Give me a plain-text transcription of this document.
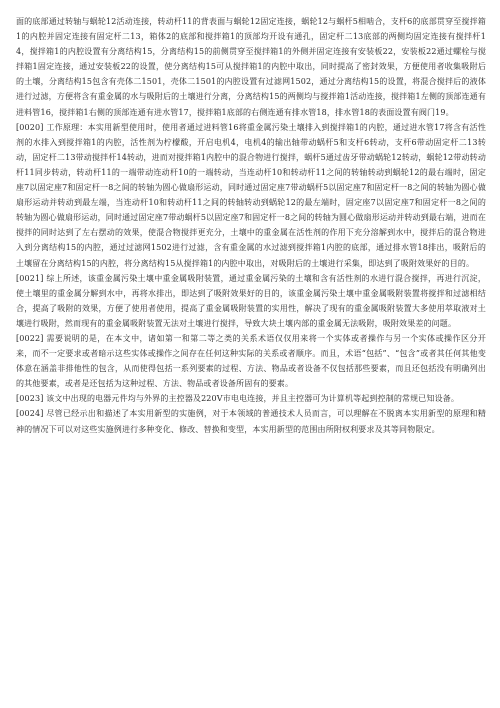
面的底部通过转轴与蜗轮12活动连接，转动杆11的背表面与蜗轮12固定连接，蜗轮12与蜗杆5相啮合，支杆6的底部贯穿至搅拌箱1的内腔并固定连接有固定杆二13，箱体2的底部和搅拌箱1的顶部均开设有通孔，固定杆二13底部的两侧均固定连接有搅拌杆14，搅拌箱1的内腔设置有分离结构15，分离结构15的前侧贯穿至搅拌箱1的外侧并固定连接有安装板22，安装板22通过螺栓与搅拌箱1固定连接，通过安装板22的设置，使分离结构15可从搅拌箱1的内腔中取出，同时提高了密封效果，方便使用者收集吸附后的土壤，分离结构15包含有壳体二1501，壳体二1501的内腔设置有过滤网1502，通过分离结构15的设置，将混合搅拌后的液体进行过滤，方便将含有重金属的水与吸附后的土壤进行分离，分离结构15的两侧均与搅拌箱1活动连接，搅拌箱1左侧的顶部连通有进料管16，搅拌箱1右侧的顶部连通有进水管17，搅拌箱1底部的右侧连通有排水管18，排水管18的表面设置有阀门19。

[0020] 工作原理：本实用新型使用时，使用者通过进料管16将重金属污染土壤排入到搅拌箱1的内腔，通过进水管17将含有活性剂的水排入到搅拌箱1的内腔，活性剂为柠檬酸，开启电机4，电机4的输出轴带动蜗杆5和支杆6转动，支杆6带动固定杆二13转动，固定杆二13带动搅拌杆14转动，进而对搅拌箱1内腔中的混合物进行搅拌，蜗杆5通过齿牙带动蜗轮12转动，蜗轮12带动转动杆11同步转动，转动杆11的一端带动连动杆10的一端转动，当连动杆10和转动杆11之间的转轴转动到蜗轮12的最右端时，固定座7以固定座7和固定杆一8之间的转轴为圆心做扇形运动，同时通过固定座7带动蜗杆5以固定座7和固定杆一8之间的转轴为圆心做扇形运动并转动到最左端，当连动杆10和转动杆11之间的转轴转动到蜗轮12的最左端时，固定座7以固定座7和固定杆一8之间的转轴为圆心做扇形运动，同时通过固定座7带动蜗杆5以固定座7和固定杆一8之间的转轴为圆心做扇形运动并转动到最右端，进而在搅拌的同时达到了左右摆动的效果，使混合物搅拌更充分，土壤中的重金属在活性剂的作用下充分溶解到水中，搅拌后的混合物进入到分离结构15的内腔，通过过滤网1502进行过滤，含有重金属的水过滤到搅拌箱1内腔的底部，通过排水管18排出，吸附后的土壤留在分离结构15的内腔，将分离结构15从搅拌箱1的内腔中取出，对吸附后的土壤进行采集，即达到了吸附效果好的目的。

[0021] 综上所述，该重金属污染土壤中重金属吸附装置，通过重金属污染的土壤和含有活性剂的水进行混合搅拌，再进行沉淀，使土壤里的重金属分解到水中，再将水排出，即达到了吸附效果好的目的，该重金属污染土壤中重金属吸附装置将搅拌和过滤相结合，提高了吸附的效果，方便了使用者使用，提高了重金属吸附装置的实用性，解决了现有的重金属吸附装置大多使用萃取液对土壤进行吸附，然而现有的重金属吸附装置无法对土壤进行搅拌，导致大块土壤内部的重金属无法吸附，吸附效果差的问题。

[0022] 需要说明的是，在本文中，诸如第一和第二等之类的关系术语仅仅用来将一个实体或者操作与另一个实体或操作区分开来，而不一定要求或者暗示这些实体或操作之间存在任何这种实际的关系或者顺序。而且，术语“包括”、“包含”或者其任何其他变体意在涵盖非排他性的包含，从而使得包括一系列要素的过程、方法、物品或者设备不仅包括那些要素，而且还包括没有明确列出的其他要素，或者是还包括为这种过程、方法、物品或者设备所固有的要素。

[0023] 该文中出现的电器元件均与外界的主控器及220V市电电连接，并且主控器可为计算机等起到控制的常规已知设备。

[0024] 尽管已经示出和描述了本实用新型的实施例，对于本领域的普通技术人员而言，可以理解在不脱离本实用新型的原理和精神的情况下可以对这些实施例进行多种变化、修改、替换和变型，本实用新型的范围由所附权利要求及其等同物限定。
